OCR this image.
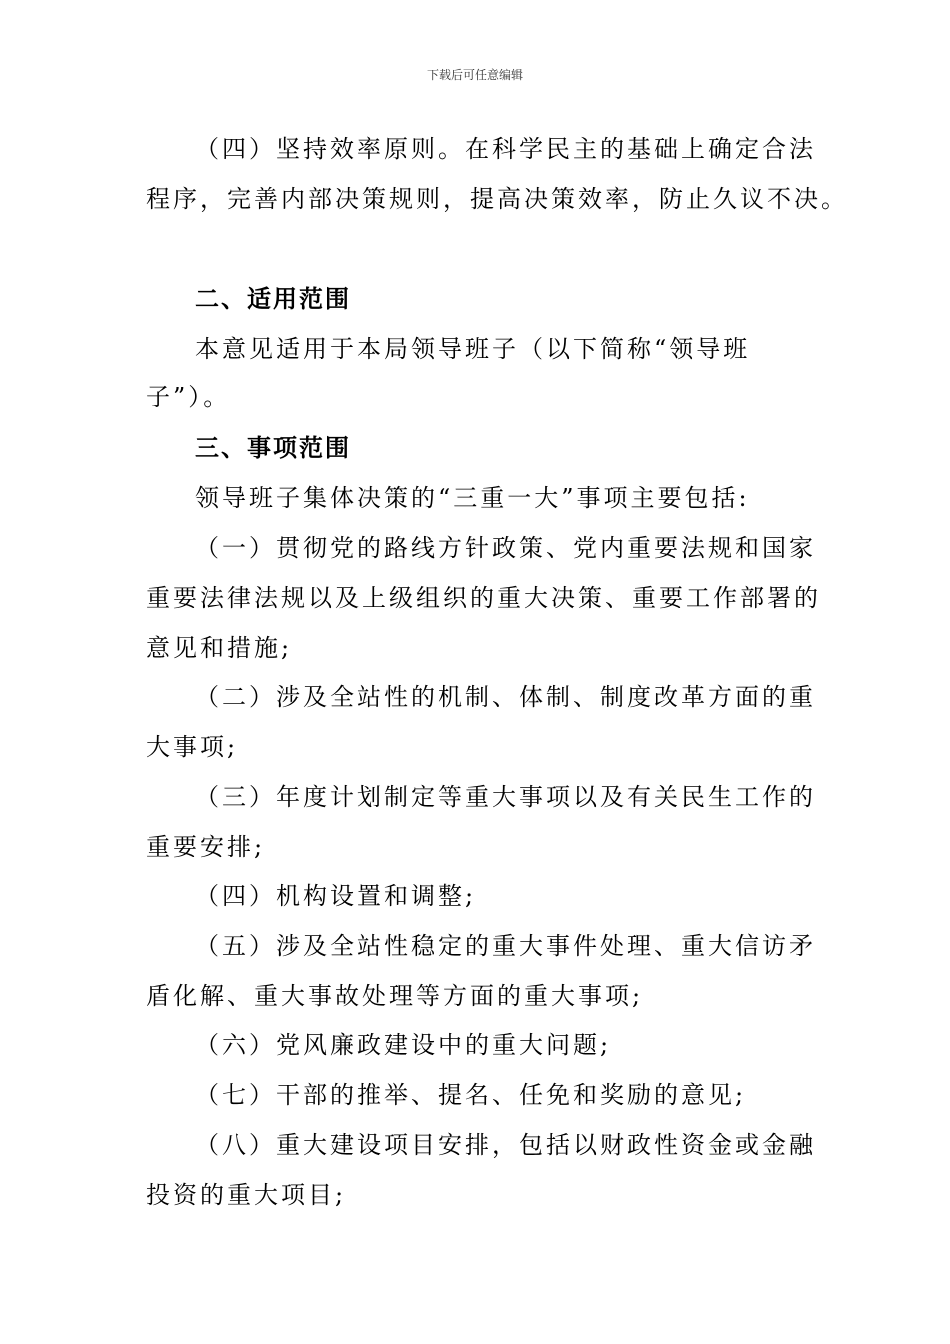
下载后可任意编辑
（四）坚持效率原则。在科学民主的基础上确定合法
程序，完善内部决策规则，提高决策效率，防止久议不决。
二、适用范围
本意见适用于本局领导班子（以下简称“领导班
子”）。
三、事项范围
领导班子集体决策的“三重一大”事项主要包括:
（一）贯彻党的路线方针政策、党内重要法规和国家
重要法律法规以及上级组织的重大决策、重要工作部署的
意见和措施;
（二）涉及全站性的机制、体制、制度改革方面的重
大事项;
（三）年度计划制定等重大事项以及有关民生工作的
重要安排;
（四）机构设置和调整;
（五）涉及全站性稳定的重大事件处理、重大信访矛
盾化解、重大事故处理等方面的重大事项;
（六）党风廉政建设中的重大问题;
（七）干部的推举、提名、任免和奖励的意见;
（八）重大建设项目安排，包括以财政性资金或金融
投资的重大项目;
